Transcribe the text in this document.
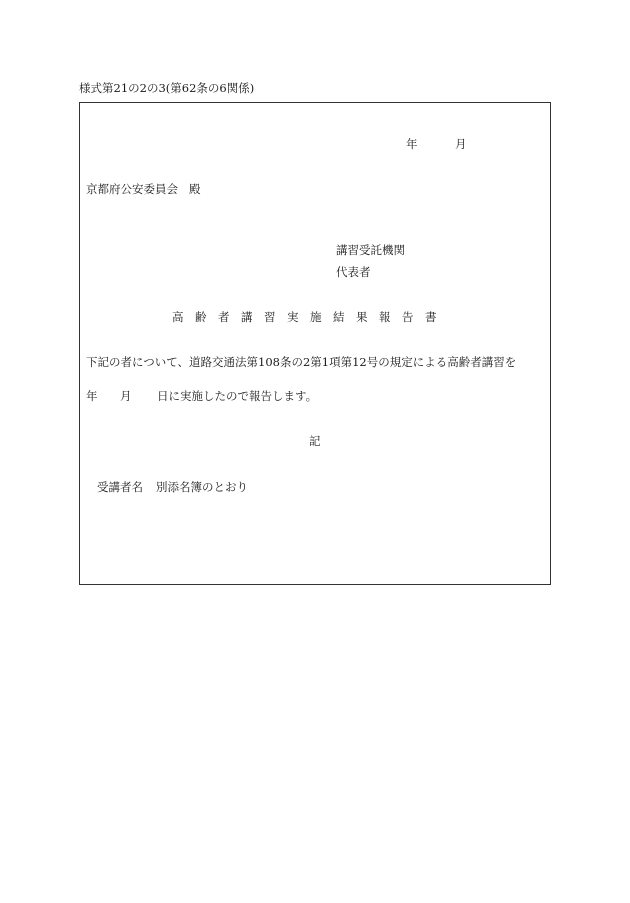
様式第21の2の3(第62条の6関係)
年	月
京都府公安委員会 殿
講習受託機関
代表者
高齢者講習実施結果報告書
下記の者について、道路交通法第108条の2第1項第12号の規定による高齢者講習を
年 月 日に実施したので報告します。
記
受講者名 別添名簿のとおり
